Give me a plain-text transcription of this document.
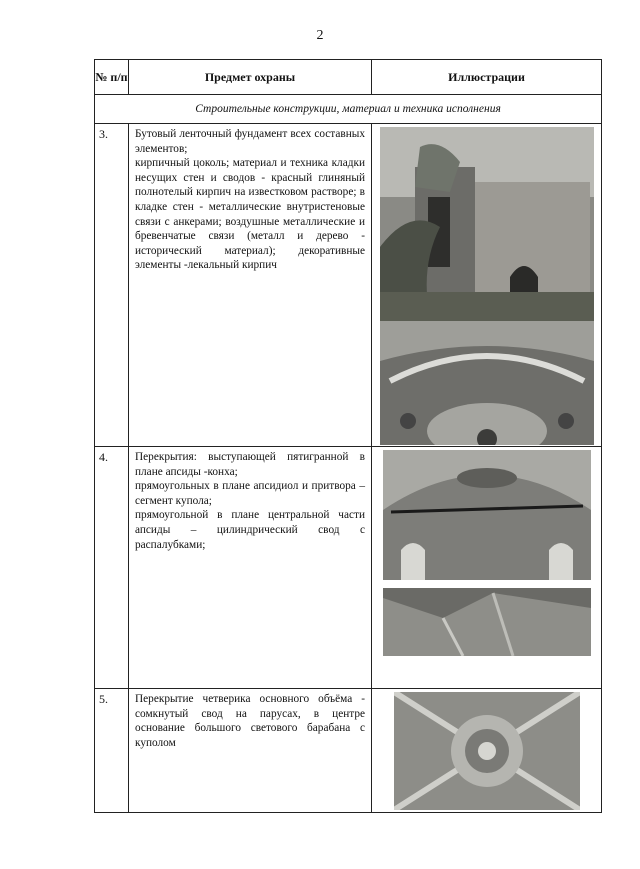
2
№ п/п	Предмет охраны	Иллюстрации
Строительные конструкции, материал и техника исполнения		
3.	Бутовый ленточный фундамент всех составных элементов;

кирпичный цоколь; материал и техника кладки несущих стен и сводов - красный глиняный полнотелый кирпич на известковом растворе; в кладке стен - металлические внутристеновые связи с анкерами; воздушные металлические и бревенчатые связи (металл и дерево - исторический материал); декоративные элементы -лекальный кирпич

4.	Перекрытия: выступающей пятигранной в плане апсиды -конха;

прямоугольных в плане апсидиол и притвора – сегмент купола;

прямоугольной в плане центральной части апсиды – цилиндрический свод с распалубками;

5.	Перекрытие четверика основного объёма - сомкнутый свод на парусах, в центре основание большого светового барабана с куполом
